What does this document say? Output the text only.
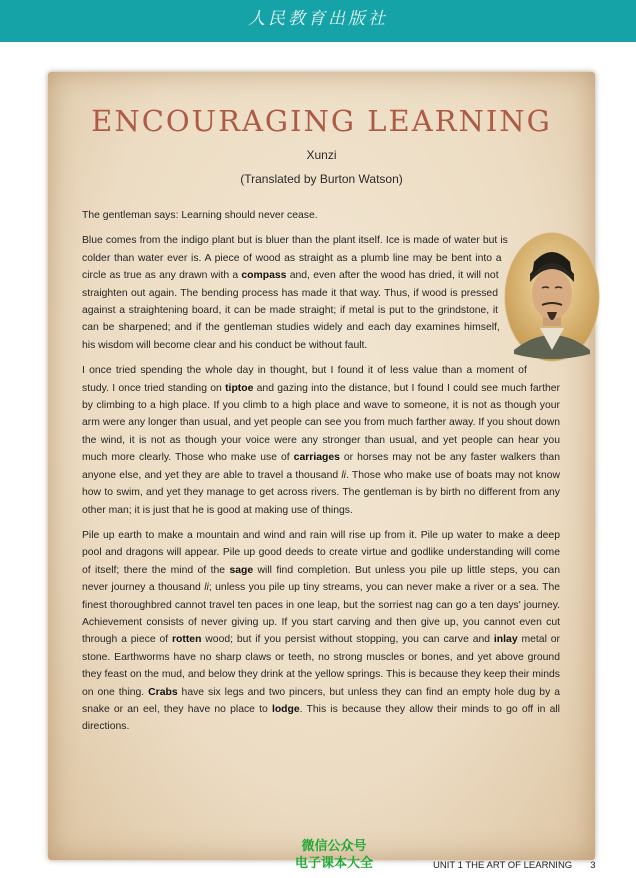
人民教育出版社
ENCOURAGING LEARNING
Xunzi
(Translated by Burton Watson)

The gentleman says: Learning should never cease.

Blue comes from the indigo plant but is bluer than the plant itself. Ice is made of water but is colder than water ever is. A piece of wood as straight as a plumb line may be bent into a circle as true as any drawn with a compass and, even after the wood has dried, it will not straighten out again. The bending process has made it that way. Thus, if wood is pressed against a straightening board, it can be made straight; if metal is put to the grindstone, it can be sharpened; and if the gentleman studies widely and each day examines himself, his wisdom will become clear and his conduct be without fault.

I once tried spending the whole day in thought, but I found it of less value than a moment of study. I once tried standing on tiptoe and gazing into the distance, but I found I could see much farther by climbing to a high place. If you climb to a high place and wave to someone, it is not as though your arm were any longer than usual, and yet people can see you from much farther away. If you shout down the wind, it is not as though your voice were any stronger than usual, and yet people can hear you much more clearly. Those who make use of carriages or horses may not be any faster walkers than anyone else, and yet they are able to travel a thousand li. Those who make use of boats may not know how to swim, and yet they manage to get across rivers. The gentleman is by birth no different from any other man; it is just that he is good at making use of things.

Pile up earth to make a mountain and wind and rain will rise up from it. Pile up water to make a deep pool and dragons will appear. Pile up good deeds to create virtue and godlike understanding will come of itself; there the mind of the sage will find completion. But unless you pile up little steps, you can never journey a thousand li; unless you pile up tiny streams, you can never make a river or a sea. The finest thoroughbred cannot travel ten paces in one leap, but the sorriest nag can go a ten days' journey. Achievement consists of never giving up. If you start carving and then give up, you cannot even cut through a piece of rotten wood; but if you persist without stopping, you can carve and inlay metal or stone. Earthworms have no sharp claws or teeth, no strong muscles or bones, and yet above ground they feast on the mud, and below they drink at the yellow springs. This is because they keep their minds on one thing. Crabs have six legs and two pincers, but unless they can find an empty hole dug by a snake or an eel, they have no place to lodge. This is because they allow their minds to go off in all directions.

微信公众号
电子课本大全	UNIT 1 THE ART OF LEARNING 3
